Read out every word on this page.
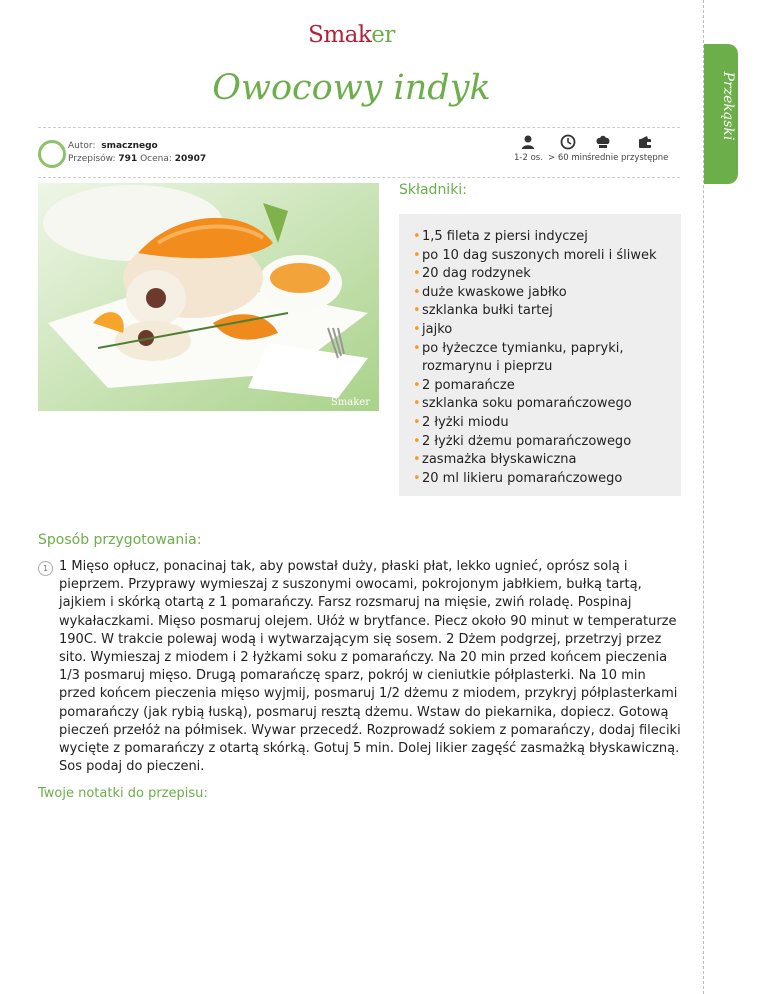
Przekąski
Smaker
Owocowy indyk
Autor: smacznego
Przepisów: 791 Ocena: 20907	1-2 os. > 60 min średnie przystępne
Smaker
Składniki:
• 1,5 fileta z piersi indyczej
• po 10 dag suszonych moreli i śliwek
• 20 dag rodzynek
• duże kwaskowe jabłko
• szklanka bułki tartej
• jajko
• po łyżeczce tymianku, papryki, rozmarynu i pieprzu
• 2 pomarańcze
• szklanka soku pomarańczowego
• 2 łyżki miodu
• 2 łyżki dżemu pomarańczowego
• zasmażka błyskawiczna
• 20 ml likieru pomarańczowego
Sposób przygotowania:
1 1 Mięso opłucz, ponacinaj tak, aby powstał duży, płaski płat, lekko ugnieć, oprósz solą i pieprzem. Przyprawy wymieszaj z suszonymi owocami, pokrojonym jabłkiem, bułką tartą, jajkiem i skórką otartą z 1 pomarańczy. Farsz rozsmaruj na mięsie, zwiń roladę. Pospinaj wykałaczkami. Mięso posmaruj olejem. Ułóż w brytfance. Piecz około 90 minut w temperaturze 190C. W trakcie polewaj wodą i wytwarzającym się sosem. 2 Dżem podgrzej, przetrzyj przez sito. Wymieszaj z miodem i 2 łyżkami soku z pomarańczy. Na 20 min przed końcem pieczenia 1/3 posmaruj mięso. Drugą pomarańczę sparz, pokrój w cieniutkie półplasterki. Na 10 min przed końcem pieczenia mięso wyjmij, posmaruj 1/2 dżemu z miodem, przykryj półplasterkami pomarańczy (jak rybią łuską), posmaruj resztą dżemu. Wstaw do piekarnika, dopiecz. Gotową pieczeń przełóż na półmisek. Wywar przecedź. Rozprowadź sokiem z pomarańczy, dodaj fileciki wycięte z pomarańczy z otartą skórką. Gotuj 5 min. Dolej likier zagęść zasmażką błyskawiczną. Sos podaj do pieczeni.
Twoje notatki do przepisu:
